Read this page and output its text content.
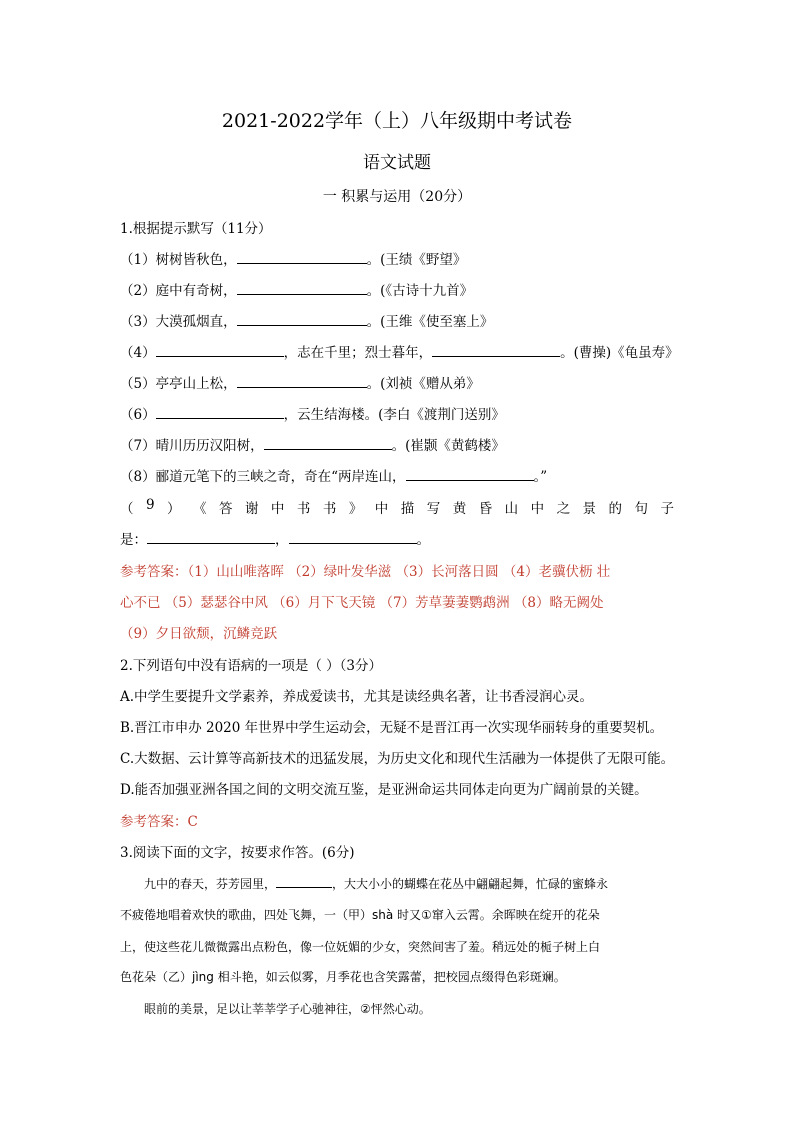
2021-2022学年（上）八年级期中考试卷
语文试题
一 积累与运用（20分）
1.根据提示默写（11分）
（1）树树皆秋色，	。(王绩《野望》
（2）庭中有奇树，	。(《古诗十九首》
（3）大漠孤烟直，	。(王维《使至塞上》
（4）	，志在千里；烈士暮年，	。(曹操)《龟虽寿》
（5）亭亭山上松，	。(刘祯《赠从弟》
（6）	，云生结海楼。(李白《渡荆门送别》
（7）晴川历历汉阳树，	。(崔颢《黄鹤楼》
（8）郦道元笔下的三峡之奇，奇在“两岸连山，	。”
（ 9 ） 《 答 谢 中 书 书 》 中 描 写 黄 昏 山 中 之 景 的 句 子
是：	，	。
参考答案：（1）山山唯落晖 （2）绿叶发华滋 （3）长河落日圆 （4）老骥伏枥 壮
心不已 （5）瑟瑟谷中风 （6）月下飞天镜 （7）芳草萋萋鹦鹉洲 （8）略无阙处
（9）夕日欲颓，沉鳞竞跃
2.下列语句中没有语病的一项是（ ）（3分）
A.中学生要提升文学素养，养成爱读书，尤其是读经典名著，让书香浸润心灵。
B.晋江市申办 2020 年世界中学生运动会，无疑不是晋江再一次实现华丽转身的重要契机。
C.大数据、云计算等高新技术的迅猛发展，为历史文化和现代生活融为一体提供了无限可能。
D.能否加强亚洲各国之间的文明交流互鉴，是亚洲命运共同体走向更为广阔前景的关键。
参考答案：C
3.阅读下面的文字，按要求作答。(6分)
九中的春天，芬芳园里，	，大大小小的蝴蝶在花丛中翩翩起舞，忙碌的蜜蜂永
不疲倦地唱着欢快的歌曲，四处飞舞，一（甲）shà 时又①窜入云霄。余晖映在绽开的花朵
上，使这些花儿微微露出点粉色，像一位妩媚的少女，突然间害了羞。稍远处的栀子树上白
色花朵（乙）jìng 相斗艳，如云似雾，月季花也含笑露蕾，把校园点缀得色彩斑斓。
眼前的美景，足以让莘莘学子心驰神往，②怦然心动。
